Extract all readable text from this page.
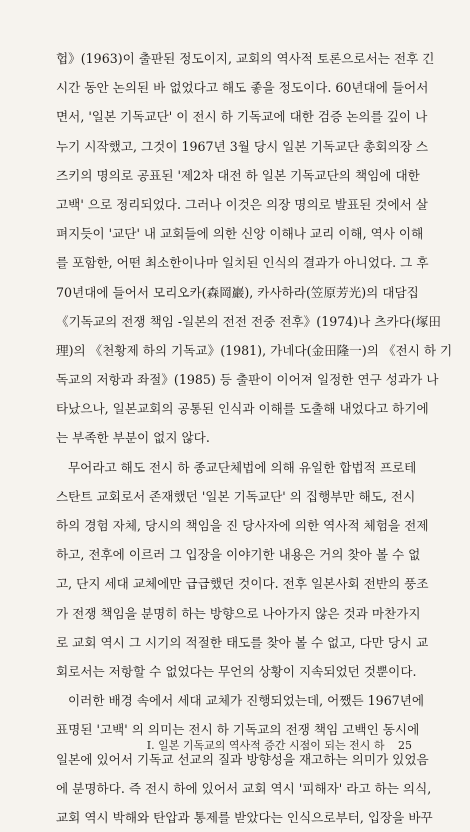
헙》(1963)이 출판된 정도이지, 교회의 역사적 토론으로서는 전후 긴
시간 동안 논의된 바 없었다고 해도 좋을 정도이다. 60년대에 들어서
면서, '일본 기독교단' 이 전시 하 기독교에 대한 검증 논의를 깊이 나
누기 시작했고, 그것이 1967년 3월 당시 일본 기독교단 총회의장 스
즈키의 명의로 공표된 '제2차 대전 하 일본 기독교단의 책임에 대한
고백' 으로 정리되었다. 그러나 이것은 의장 명의로 발표된 것에서 살
펴지듯이 '교단' 내 교회들에 의한 신앙 이해나 교리 이해, 역사 이해
를 포함한, 어떤 최소한이나마 일치된 인식의 결과가 아니었다. 그 후
70년대에 들어서 모리오카(森岡巖), 카사하라(笠原芳光)의 대담집
《기독교의 전쟁 책임 -일본의 전전 전중 전후》(1974)나 츠카다(塚田
理)의 《천황제 하의 기독교》(1981), 가네다(金田隆一)의 《전시 하 기
독교의 저항과 좌절》(1985) 등 출판이 이어져 일정한 연구 성과가 나
타났으나, 일본교회의 공통된 인식과 이해를 도출해 내었다고 하기에
는 부족한 부분이 없지 않다.
무어라고 해도 전시 하 종교단체법에 의해 유일한 합법적 프로테
스탄트 교회로서 존재했던 '일본 기독교단' 의 집행부만 해도, 전시
하의 경험 자체, 당시의 책임을 진 당사자에 의한 역사적 체험을 전제
하고, 전후에 이르러 그 입장을 이야기한 내용은 거의 찾아 볼 수 없
고, 단지 세대 교체에만 급급했던 것이다. 전후 일본사회 전반의 풍조
가 전쟁 책임을 분명히 하는 방향으로 나아가지 않은 것과 마찬가지
로 교회 역시 그 시기의 적절한 태도를 찾아 볼 수 없고, 다만 당시 교
회로서는 저항할 수 없었다는 무언의 상황이 지속되었던 것뿐이다.
이러한 배경 속에서 세대 교체가 진행되었는데, 어쨌든 1967년에
표명된 '고백' 의 의미는 전시 하 기독교의 전쟁 책임 고백인 동시에
일본에 있어서 기독교 선교의 질과 방향성을 재고하는 의미가 있었음
에 분명하다. 즉 전시 하에 있어서 교회 역시 '피해자' 라고 하는 의식,
교회 역시 박해와 탄압과 통제를 받았다는 인식으로부터, 입장을 바꾸
I. 일본 기독교의 역사적 증간 시점이 되는 전시 하 25
